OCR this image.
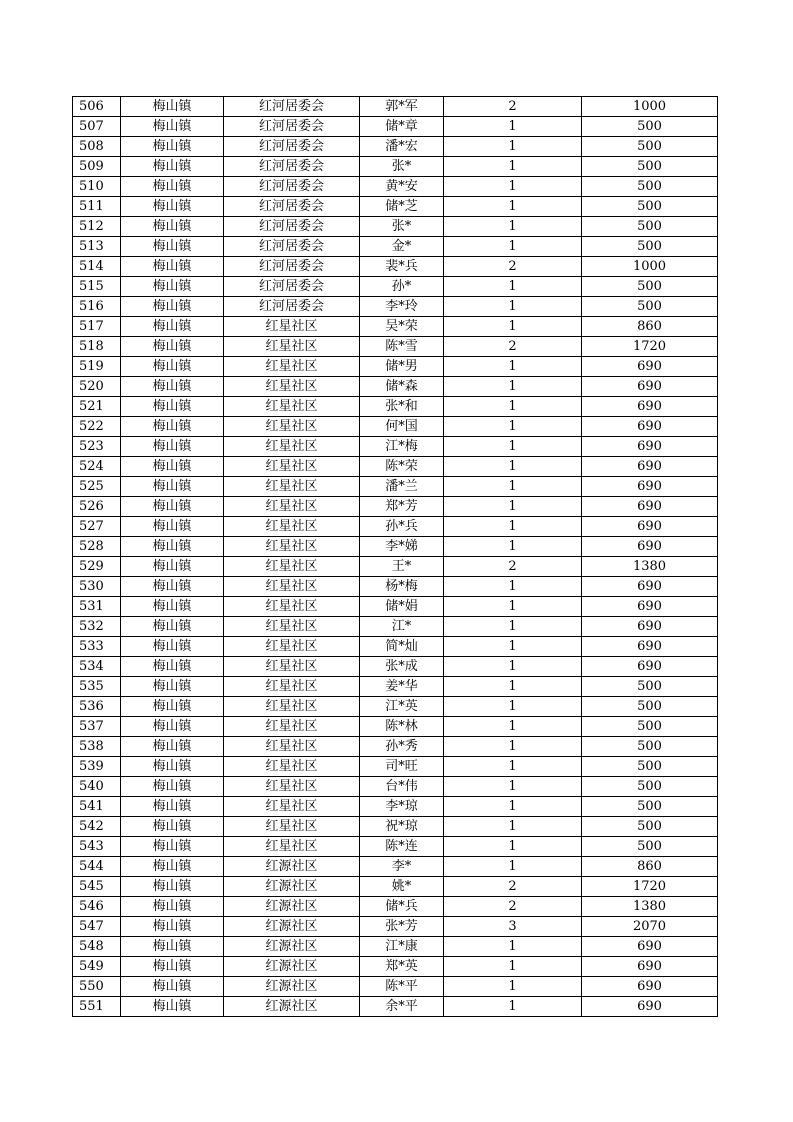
506	梅山镇	红河居委会	郭*军	2	1000
507	梅山镇	红河居委会	储*章	1	500
508	梅山镇	红河居委会	潘*宏	1	500
509	梅山镇	红河居委会	张*	1	500
510	梅山镇	红河居委会	黄*安	1	500
511	梅山镇	红河居委会	储*芝	1	500
512	梅山镇	红河居委会	张*	1	500
513	梅山镇	红河居委会	金*	1	500
514	梅山镇	红河居委会	裴*兵	2	1000
515	梅山镇	红河居委会	孙*	1	500
516	梅山镇	红河居委会	李*玲	1	500
517	梅山镇	红星社区	吴*荣	1	860
518	梅山镇	红星社区	陈*雪	2	1720
519	梅山镇	红星社区	储*男	1	690
520	梅山镇	红星社区	储*森	1	690
521	梅山镇	红星社区	张*和	1	690
522	梅山镇	红星社区	何*国	1	690
523	梅山镇	红星社区	江*梅	1	690
524	梅山镇	红星社区	陈*荣	1	690
525	梅山镇	红星社区	潘*兰	1	690
526	梅山镇	红星社区	郑*芳	1	690
527	梅山镇	红星社区	孙*兵	1	690
528	梅山镇	红星社区	李*娣	1	690
529	梅山镇	红星社区	王*	2	1380
530	梅山镇	红星社区	杨*梅	1	690
531	梅山镇	红星社区	储*娟	1	690
532	梅山镇	红星社区	江*	1	690
533	梅山镇	红星社区	简*灿	1	690
534	梅山镇	红星社区	张*成	1	690
535	梅山镇	红星社区	姜*华	1	500
536	梅山镇	红星社区	江*英	1	500
537	梅山镇	红星社区	陈*林	1	500
538	梅山镇	红星社区	孙*秀	1	500
539	梅山镇	红星社区	司*旺	1	500
540	梅山镇	红星社区	台*伟	1	500
541	梅山镇	红星社区	李*琼	1	500
542	梅山镇	红星社区	祝*琼	1	500
543	梅山镇	红星社区	陈*连	1	500
544	梅山镇	红源社区	李*	1	860
545	梅山镇	红源社区	姚*	2	1720
546	梅山镇	红源社区	储*兵	2	1380
547	梅山镇	红源社区	张*芳	3	2070
548	梅山镇	红源社区	江*康	1	690
549	梅山镇	红源社区	郑*英	1	690
550	梅山镇	红源社区	陈*平	1	690
551	梅山镇	红源社区	余*平	1	690
